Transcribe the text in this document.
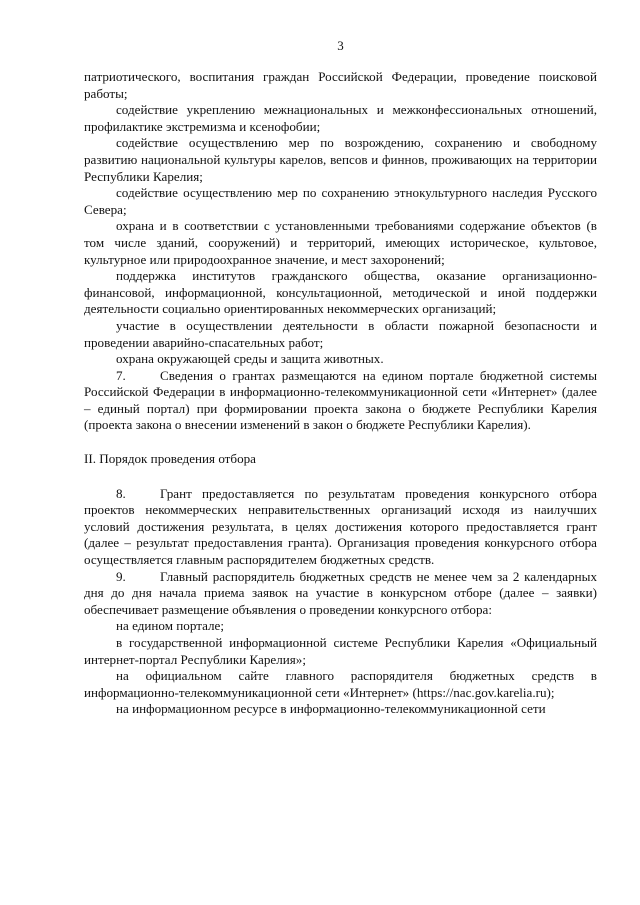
3

патриотического, воспитания граждан Российской Федерации, проведение поисковой работы;

содействие укреплению межнациональных и межконфессиональных отношений, профилактике экстремизма и ксенофобии;

содействие осуществлению мер по возрождению, сохранению и свободному развитию национальной культуры карелов, вепсов и финнов, проживающих на территории Республики Карелия;

содействие осуществлению мер по сохранению этнокультурного наследия Русского Севера;

охрана и в соответствии с установленными требованиями содержание объектов (в том числе зданий, сооружений) и территорий, имеющих историческое, культовое, культурное или природоохранное значение, и мест захоронений;

поддержка институтов гражданского общества, оказание организационно-финансовой, информационной, консультационной, методической и иной поддержки деятельности социально ориентированных некоммерческих организаций;

участие в осуществлении деятельности в области пожарной безопасности и проведении аварийно-спасательных работ;

охрана окружающей среды и защита животных.

7.	Сведения о грантах размещаются на едином портале бюджетной системы Российской Федерации в информационно-телекоммуникационной сети «Интернет» (далее – единый портал) при формировании проекта закона о бюджете Республики Карелия (проекта закона о внесении изменений в закон о бюджете Республики Карелия).

II. Порядок проведения отбора

8.	Грант предоставляется по результатам проведения конкурсного отбора проектов некоммерческих неправительственных организаций исходя из наилучших условий достижения результата, в целях достижения которого предоставляется грант (далее – результат предоставления гранта). Организация проведения конкурсного отбора осуществляется главным распорядителем бюджетных средств.

9.	Главный распорядитель бюджетных средств не менее чем за 2 календарных дня до дня начала приема заявок на участие в конкурсном отборе (далее – заявки) обеспечивает размещение объявления о проведении конкурсного отбора:

на едином портале;

в государственной информационной системе Республики Карелия «Официальный интернет-портал Республики Карелия»;

на официальном сайте главного распорядителя бюджетных средств в информационно-телекоммуникационной сети «Интернет» (https://nac.gov.karelia.ru);

на информационном ресурсе в информационно-телекоммуникационной сети
